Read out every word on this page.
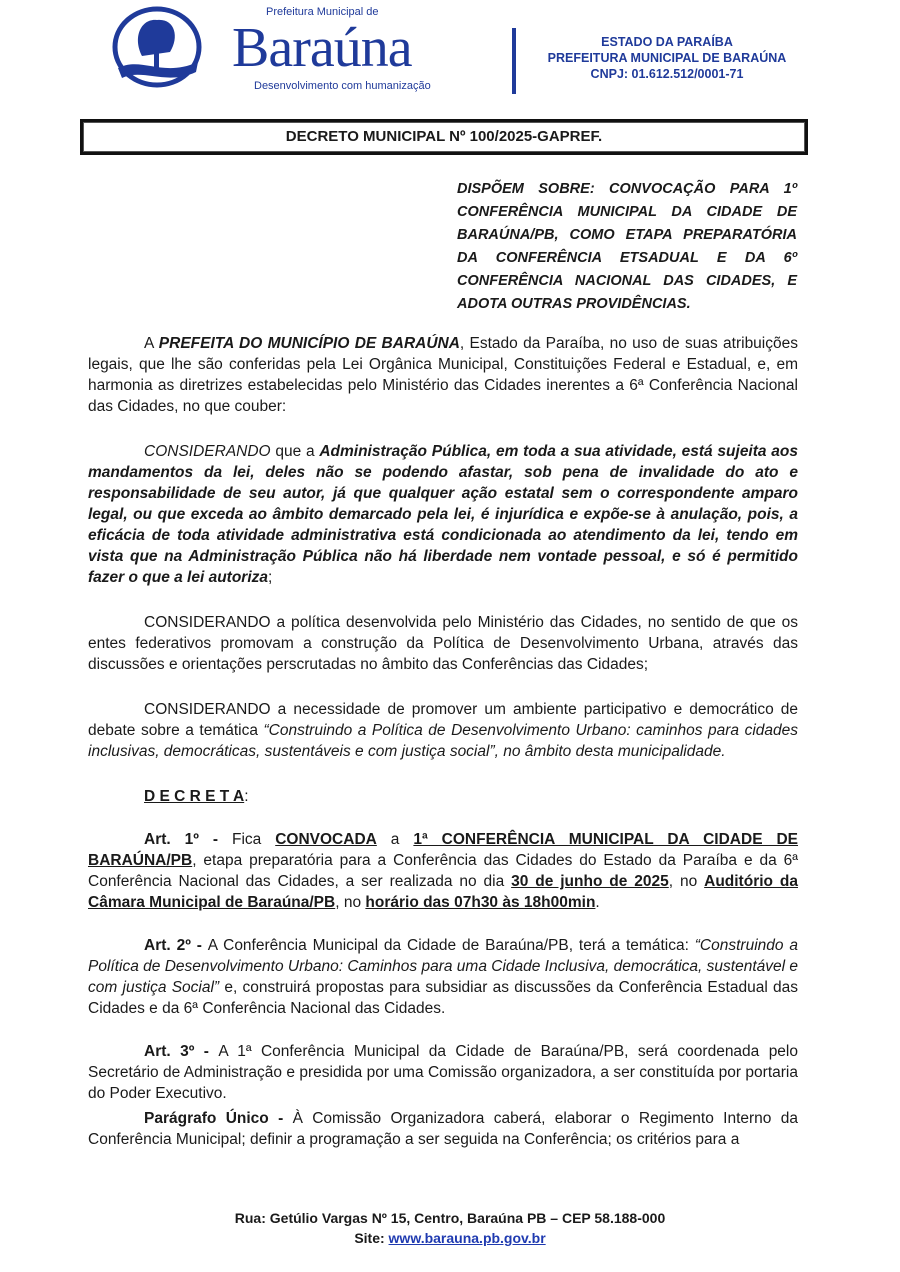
Prefeitura Municipal de
Baraúna
Desenvolvimento com humanização
ESTADO DA PARAÍBA
PREFEITURA MUNICIPAL DE BARAÚNA
CNPJ: 01.612.512/0001-71
DECRETO MUNICIPAL Nº 100/2025-GAPREF.
DISPÕEM SOBRE: CONVOCAÇÃO PARA 1º CONFERÊNCIA MUNICIPAL DA CIDADE DE BARAÚNA/PB, COMO ETAPA PREPARATÓRIA DA CONFERÊNCIA ETSADUAL E DA 6º CONFERÊNCIA NACIONAL DAS CIDADES, E ADOTA OUTRAS PROVIDÊNCIAS.

A PREFEITA DO MUNICÍPIO DE BARAÚNA, Estado da Paraíba, no uso de suas atribuições legais, que lhe são conferidas pela Lei Orgânica Municipal, Constituições Federal e Estadual, e, em harmonia as diretrizes estabelecidas pelo Ministério das Cidades inerentes a 6ª Conferência Nacional das Cidades, no que couber:

CONSIDERANDO que a Administração Pública, em toda a sua atividade, está sujeita aos mandamentos da lei, deles não se podendo afastar, sob pena de invalidade do ato e responsabilidade de seu autor, já que qualquer ação estatal sem o correspondente amparo legal, ou que exceda ao âmbito demarcado pela lei, é injurídica e expõe-se à anulação, pois, a eficácia de toda atividade administrativa está condicionada ao atendimento da lei, tendo em vista que na Administração Pública não há liberdade nem vontade pessoal, e só é permitido fazer o que a lei autoriza;

CONSIDERANDO a política desenvolvida pelo Ministério das Cidades, no sentido de que os entes federativos promovam a construção da Política de Desenvolvimento Urbana, através das discussões e orientações perscrutadas no âmbito das Conferências das Cidades;

CONSIDERANDO a necessidade de promover um ambiente participativo e democrático de debate sobre a temática “Construindo a Política de Desenvolvimento Urbano: caminhos para cidades inclusivas, democráticas, sustentáveis e com justiça social”, no âmbito desta municipalidade.

D E C R E T A:

Art. 1º - Fica CONVOCADA a 1ª CONFERÊNCIA MUNICIPAL DA CIDADE DE BARAÚNA/PB, etapa preparatória para a Conferência das Cidades do Estado da Paraíba e da 6ª Conferência Nacional das Cidades, a ser realizada no dia 30 de junho de 2025, no Auditório da Câmara Municipal de Baraúna/PB, no horário das 07h30 às 18h00min.

Art. 2º - A Conferência Municipal da Cidade de Baraúna/PB, terá a temática: “Construindo a Política de Desenvolvimento Urbano: Caminhos para uma Cidade Inclusiva, democrática, sustentável e com justiça Social” e, construirá propostas para subsidiar as discussões da Conferência Estadual das Cidades e da 6ª Conferência Nacional das Cidades.

Art. 3º - A 1ª Conferência Municipal da Cidade de Baraúna/PB, será coordenada pelo Secretário de Administração e presidida por uma Comissão organizadora, a ser constituída por portaria do Poder Executivo.

Parágrafo Único - À Comissão Organizadora caberá, elaborar o Regimento Interno da Conferência Municipal; definir a programação a ser seguida na Conferência; os critérios para a

Rua: Getúlio Vargas Nº 15, Centro, Baraúna PB – CEP 58.188-000
Site: www.barauna.pb.gov.br
